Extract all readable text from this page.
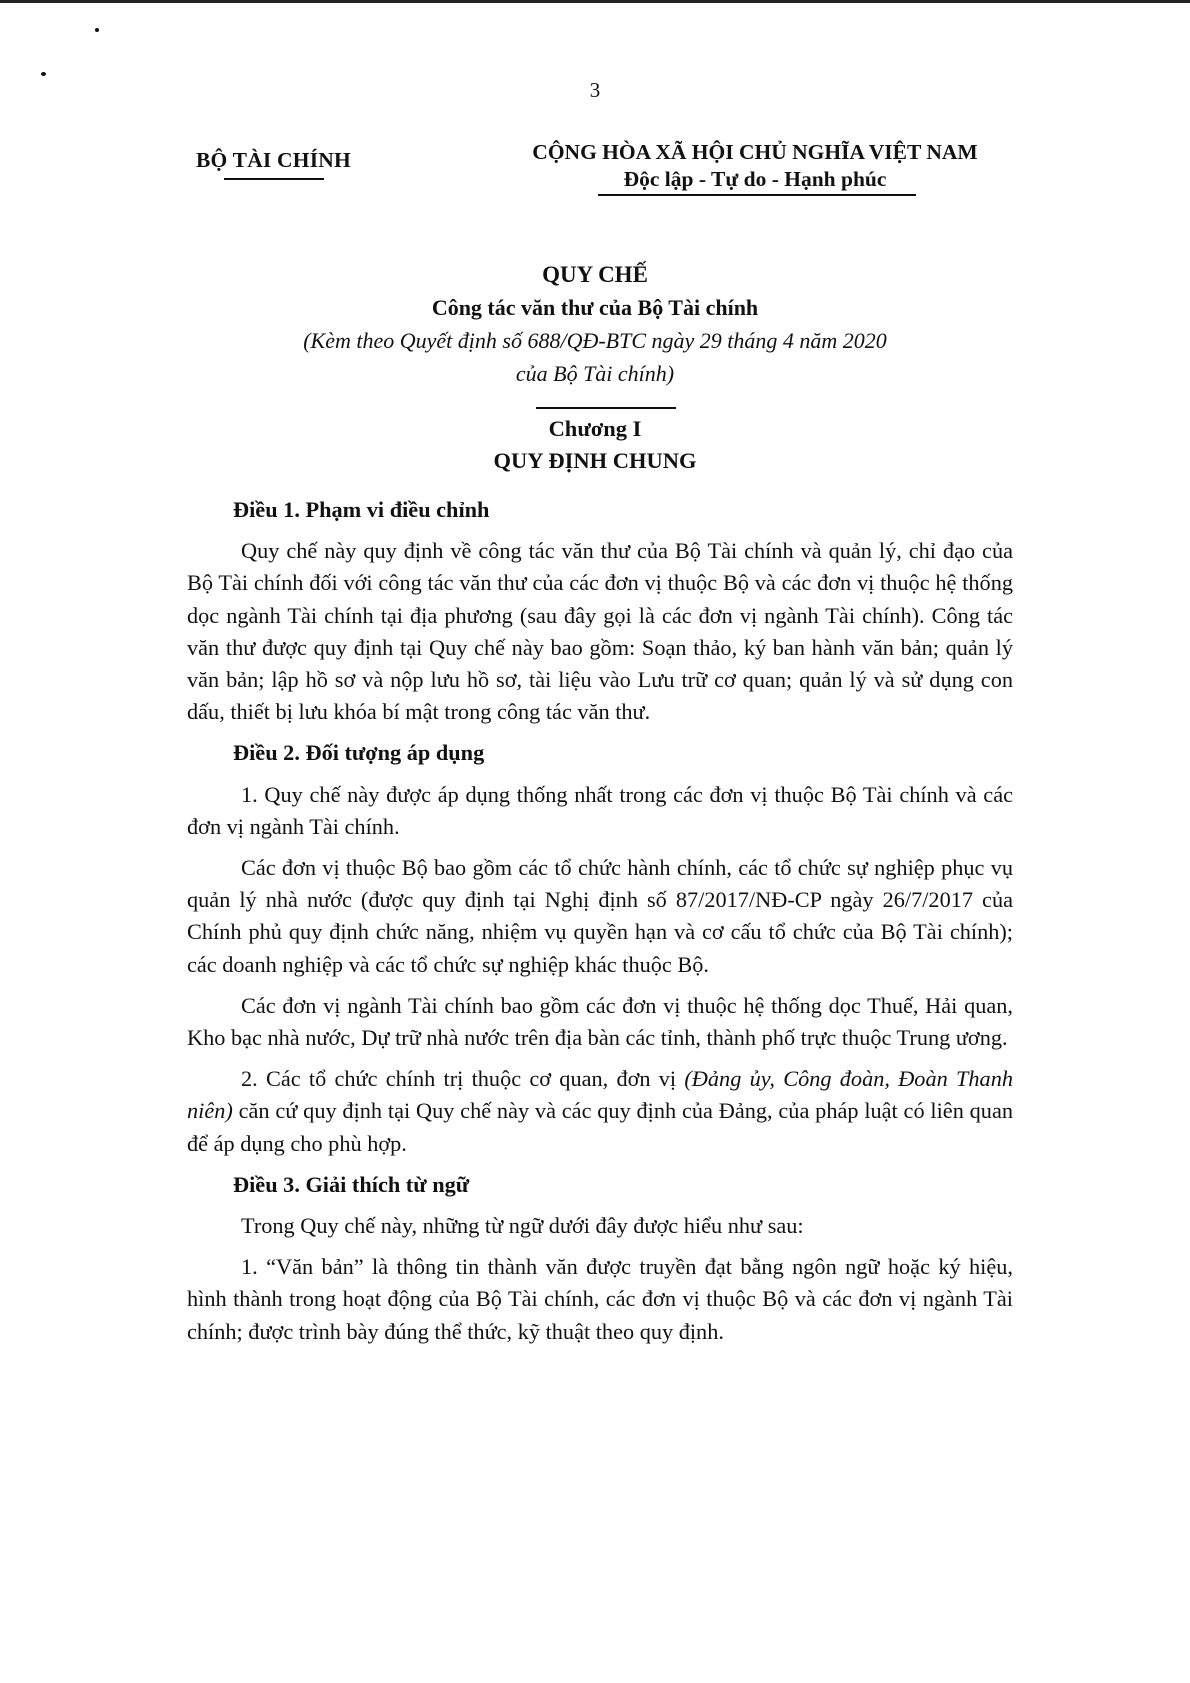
3
BỘ TÀI CHÍNH	CỘNG HÒA XÃ HỘI CHỦ NGHĨA VIỆT NAM
Độc lập - Tự do - Hạnh phúc
QUY CHẾ
Công tác văn thư của Bộ Tài chính
(Kèm theo Quyết định số 688/QĐ-BTC ngày 29 tháng 4 năm 2020
của Bộ Tài chính)
Chương I
QUY ĐỊNH CHUNG

Điều 1. Phạm vi điều chỉnh

Quy chế này quy định về công tác văn thư của Bộ Tài chính và quản lý, chỉ đạo của Bộ Tài chính đối với công tác văn thư của các đơn vị thuộc Bộ và các đơn vị thuộc hệ thống dọc ngành Tài chính tại địa phương (sau đây gọi là các đơn vị ngành Tài chính). Công tác văn thư được quy định tại Quy chế này bao gồm: Soạn thảo, ký ban hành văn bản; quản lý văn bản; lập hồ sơ và nộp lưu hồ sơ, tài liệu vào Lưu trữ cơ quan; quản lý và sử dụng con dấu, thiết bị lưu khóa bí mật trong công tác văn thư.

Điều 2. Đối tượng áp dụng

1. Quy chế này được áp dụng thống nhất trong các đơn vị thuộc Bộ Tài chính và các đơn vị ngành Tài chính.

Các đơn vị thuộc Bộ bao gồm các tổ chức hành chính, các tổ chức sự nghiệp phục vụ quản lý nhà nước (được quy định tại Nghị định số 87/2017/NĐ-CP ngày 26/7/2017 của Chính phủ quy định chức năng, nhiệm vụ quyền hạn và cơ cấu tổ chức của Bộ Tài chính); các doanh nghiệp và các tổ chức sự nghiệp khác thuộc Bộ.

Các đơn vị ngành Tài chính bao gồm các đơn vị thuộc hệ thống dọc Thuế, Hải quan, Kho bạc nhà nước, Dự trữ nhà nước trên địa bàn các tỉnh, thành phố trực thuộc Trung ương.

2. Các tổ chức chính trị thuộc cơ quan, đơn vị (Đảng ủy, Công đoàn, Đoàn Thanh niên) căn cứ quy định tại Quy chế này và các quy định của Đảng, của pháp luật có liên quan để áp dụng cho phù hợp.

Điều 3. Giải thích từ ngữ

Trong Quy chế này, những từ ngữ dưới đây được hiểu như sau:

1. “Văn bản” là thông tin thành văn được truyền đạt bằng ngôn ngữ hoặc ký hiệu, hình thành trong hoạt động của Bộ Tài chính, các đơn vị thuộc Bộ và các đơn vị ngành Tài chính; được trình bày đúng thể thức, kỹ thuật theo quy định.
